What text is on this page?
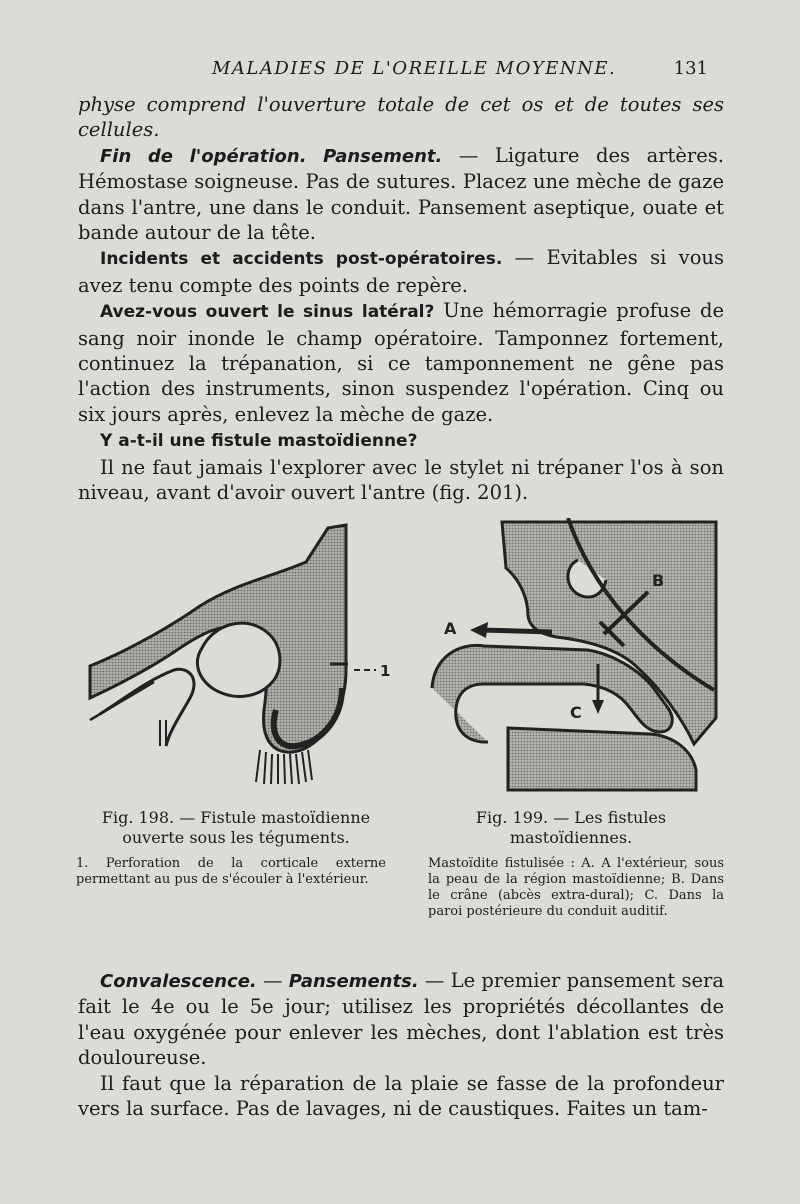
MALADIES DE L'OREILLE MOYENNE.	131

physe comprend l'ouverture totale de cet os et de toutes ses cellules.

Fin de l'opération. Pansement. — Ligature des artères. Hémostase soigneuse. Pas de sutures. Placez une mèche de gaze dans l'antre, une dans le conduit. Pansement aseptique, ouate et bande autour de la tête.

Incidents et accidents post-opératoires. — Evitables si vous avez tenu compte des points de repère.

Avez-vous ouvert le sinus latéral? Une hémorragie profuse de sang noir inonde le champ opératoire. Tamponnez fortement, continuez la trépanation, si ce tamponnement ne gêne pas l'action des instruments, sinon suspendez l'opération. Cinq ou six jours après, enlevez la mèche de gaze.

Y a-t-il une fistule mastoïdienne?

Il ne faut jamais l'explorer avec le stylet ni trépaner l'os à son niveau, avant d'avoir ouvert l'antre (fig. 201).

1
A
B
C
Fig. 198. — Fistule mastoïdienne ouverte sous les téguments.
1. Perforation de la corticale externe permettant au pus de s'écouler à l'extérieur.
Fig. 199. — Les fistules mastoïdiennes.
Mastoïdite fistulisée : A. A l'extérieur, sous la peau de la région mastoïdienne; B. Dans le crâne (abcès extra-dural); C. Dans la paroi postérieure du conduit auditif.

Convalescence. — Pansements. — Le premier pansement sera fait le 4e ou le 5e jour; utilisez les propriétés décollantes de l'eau oxygénée pour enlever les mèches, dont l'ablation est très douloureuse.

Il faut que la réparation de la plaie se fasse de la profondeur vers la surface. Pas de lavages, ni de caustiques. Faites un tam-
